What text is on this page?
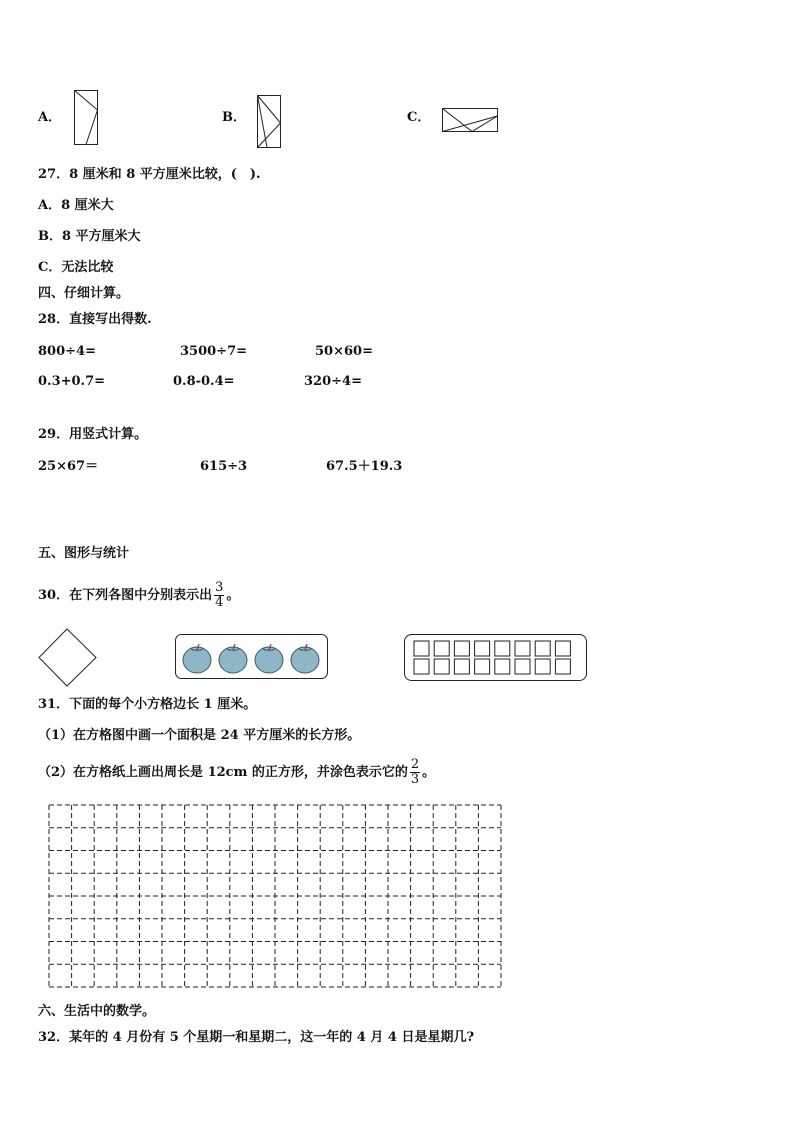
A．	B．	C．
27．8 厘米和 8 平方厘米比较，(　).
A．8 厘米大
B．8 平方厘米大
C．无法比较
四、仔细计算。
28．直接写出得数.
800÷4=	3500÷7=	50×60=
0.3+0.7=	0.8-0.4=	320÷4=
29．用竖式计算。
25×67＝	615÷3	67.5＋19.3
五、图形与统计
30．在下列各图中分别表示出 $\frac{3}{4}$ 。
31．下面的每个小方格边长 1 厘米。
（1）在方格图中画一个面积是 24 平方厘米的长方形。
（2）在方格纸上画出周长是 12cm 的正方形，并涂色表示它的 $\frac{2}{3}$ 。
六、生活中的数学。
32．某年的 4 月份有 5 个星期一和星期二，这一年的 4 月 4 日是星期几?
